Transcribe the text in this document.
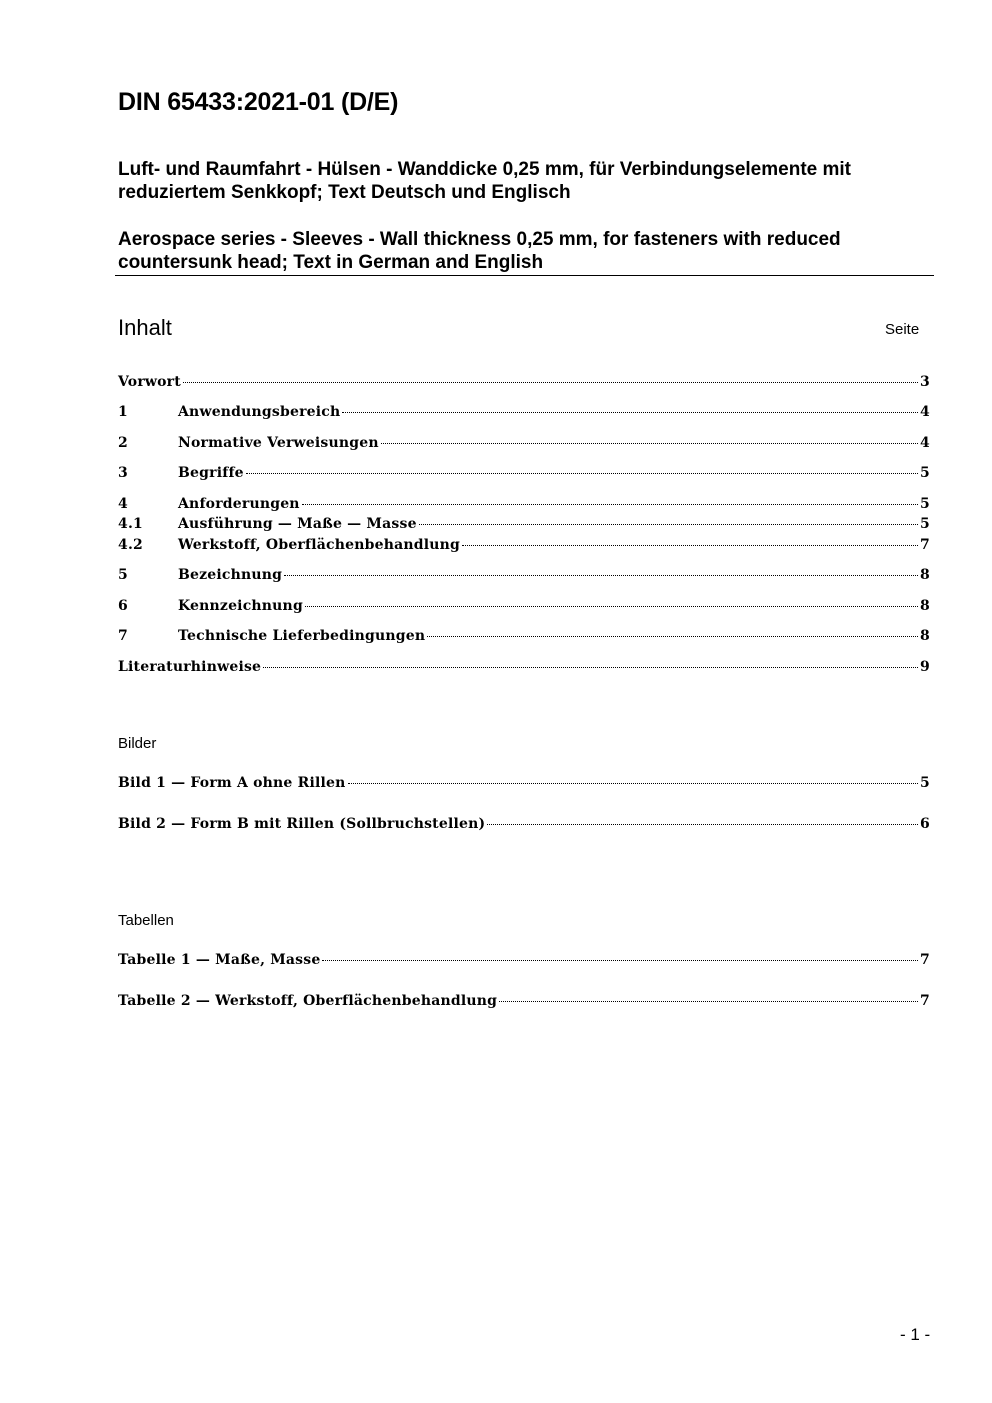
DIN 65433:2021-01 (D/E)
Luft- und Raumfahrt - Hülsen - Wanddicke 0,25 mm, für Verbindungselemente mit
reduziertem Senkkopf; Text Deutsch und Englisch
Aerospace series - Sleeves - Wall thickness 0,25 mm, for fasteners with reduced
countersunk head; Text in German and English
Inhalt	Seite
Vorwort	3
1	Anwendungsbereich	4
2	Normative Verweisungen	4
3	Begriffe	5
4	Anforderungen	5
4.1	Ausführung — Maße — Masse	5
4.2	Werkstoff, Oberflächenbehandlung	7
5	Bezeichnung	8
6	Kennzeichnung	8
7	Technische Lieferbedingungen	8
Literaturhinweise	9
Bilder
Bild 1 — Form A ohne Rillen	5
Bild 2 — Form B mit Rillen (Sollbruchstellen)	6
Tabellen
Tabelle 1 — Maße, Masse	7
Tabelle 2 — Werkstoff, Oberflächenbehandlung	7
- 1 -
